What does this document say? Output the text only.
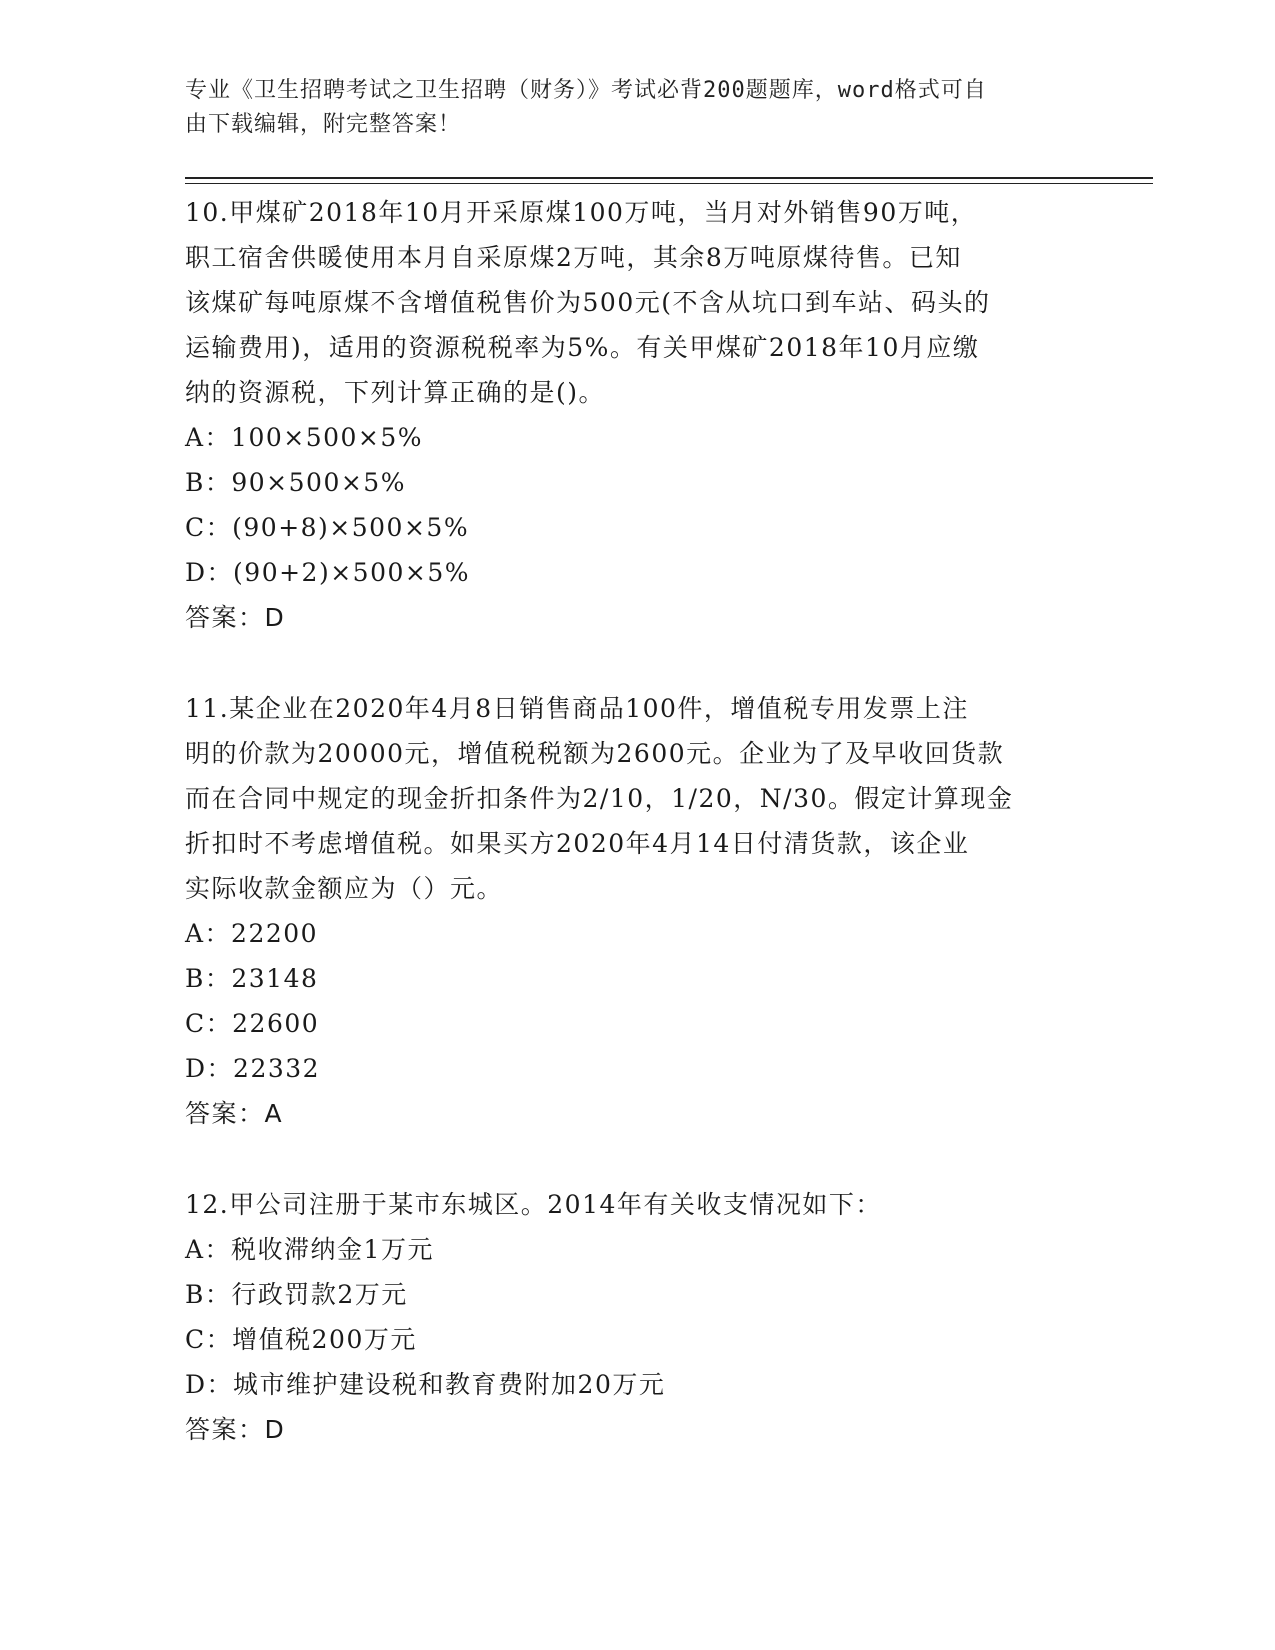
专业《卫生招聘考试之卫生招聘（财务）》考试必背200题题库，word格式可自
由下载编辑，附完整答案！
10.甲煤矿2018年10月开采原煤100万吨，当月对外销售90万吨，
职工宿舍供暖使用本月自采原煤2万吨，其余8万吨原煤待售。已知
该煤矿每吨原煤不含增值税售价为500元(不含从坑口到车站、码头的
运输费用)，适用的资源税税率为5%。有关甲煤矿2018年10月应缴
纳的资源税，下列计算正确的是()。
A：100×500×5%
B：90×500×5%
C：(90+8)×500×5%
D：(90+2)×500×5%
答案：D
11.某企业在2020年4月8日销售商品100件，增值税专用发票上注
明的价款为20000元，增值税税额为2600元。企业为了及早收回货款
而在合同中规定的现金折扣条件为2/10，1/20，N/30。假定计算现金
折扣时不考虑增值税。如果买方2020年4月14日付清货款，该企业
实际收款金额应为（）元。
A：22200
B：23148
C：22600
D：22332
答案：A
12.甲公司注册于某市东城区。2014年有关收支情况如下：
A：税收滞纳金1万元
B：行政罚款2万元
C：增值税200万元
D：城市维护建设税和教育费附加20万元
答案：D
